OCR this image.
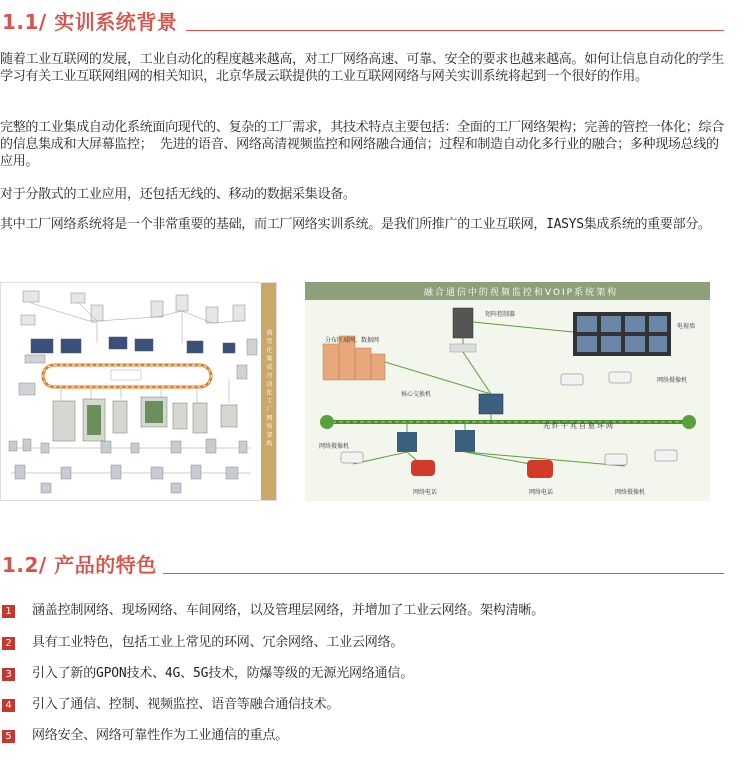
1.1/ 实训系统背景

随着工业互联网的发展，工业自动化的程度越来越高，对工厂网络高速、可靠、安全的要求也越来越高。如何让信息自动化的学生学习有关工业互联网组网的相关知识，北京华晟云联提供的工业互联网网络与网关实训系统将起到一个很好的作用。

完整的工业集成自动化系统面向现代的、复杂的工厂需求，其技术特点主要包括：全面的工厂网络架构；完善的管控一体化；综合的信息集成和大屏幕监控； 先进的语音、网络高清视频监控和网络融合通信；过程和制造自动化多行业的融合；多种现场总线的应用。

对于分散式的工业应用，还包括无线的、移动的数据采集设备。

其中工厂网络系统将是一个非常重要的基础，而工厂网络实训系统。是我们所推广的工业互联网，IASYS集成系统的重要部分。

典
型
化
集
成
自
动
化
工
厂
网
络
架
构
融合通信中的视频监控和VOIP系统架构
分布区域网、数据网
矩阵控制器
电视墙
核心交换机
光纤千兆自愈环网
网络摄像机
网络摄像机
网络摄像机
网络电话	网络电话
1.2/ 产品的特色
1 涵盖控制网络、现场网络、车间网络，以及管理层网络，并增加了工业云网络。架构清晰。
2 具有工业特色，包括工业上常见的环网、冗余网络、工业云网络。
3 引入了新的GPON技术、4G、5G技术，防爆等级的无源光网络通信。
4 引入了通信、控制、视频监控、语音等融合通信技术。
5 网络安全、网络可靠性作为工业通信的重点。
